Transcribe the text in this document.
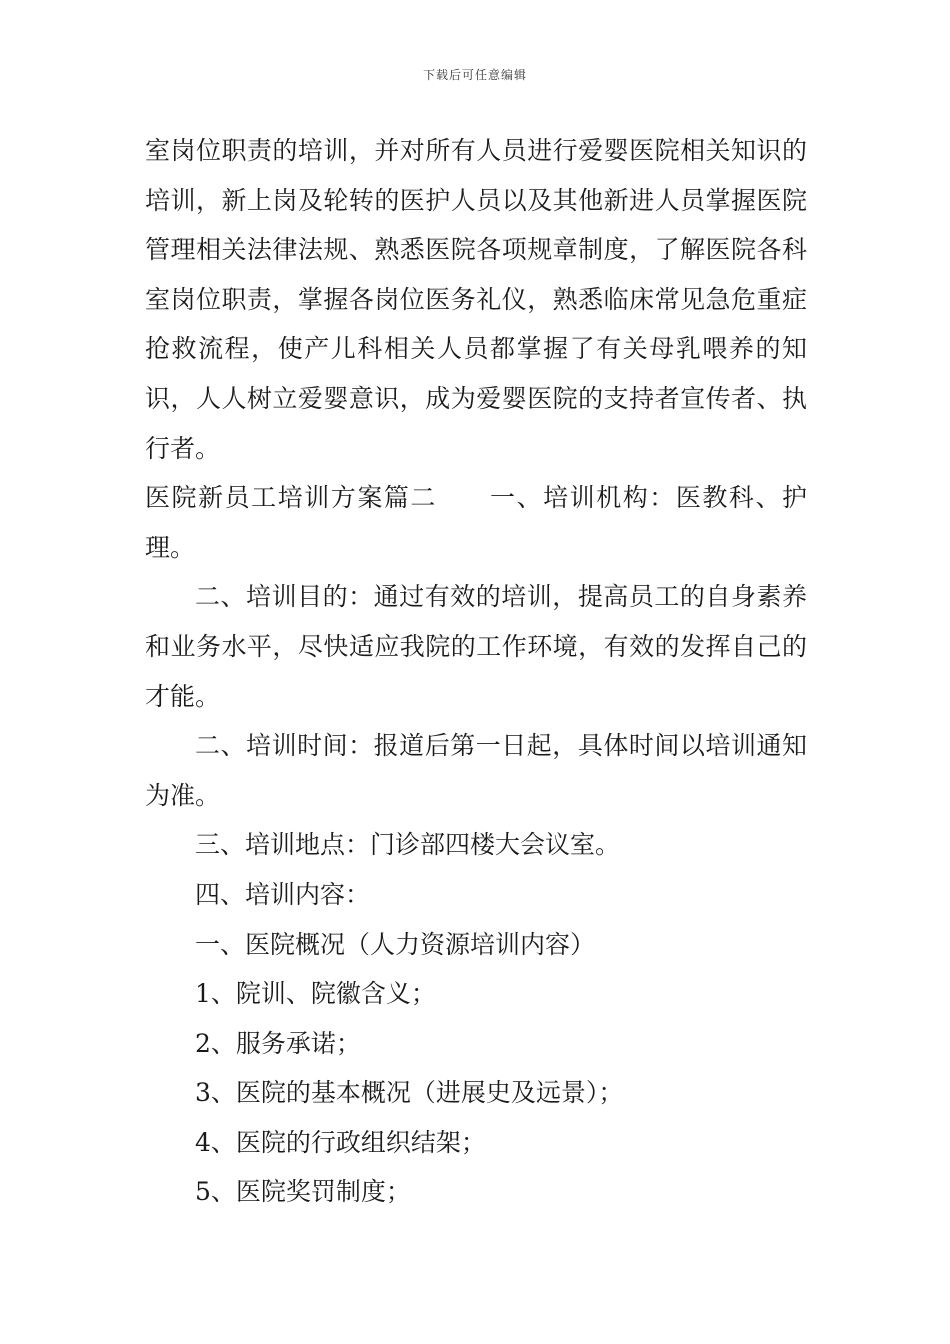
下载后可任意编辑

室岗位职责的培训，并对所有人员进行爱婴医院相关知识的培训，新上岗及轮转的医护人员以及其他新进人员掌握医院管理相关法律法规、熟悉医院各项规章制度，了解医院各科室岗位职责，掌握各岗位医务礼仪，熟悉临床常见急危重症抢救流程，使产儿科相关人员都掌握了有关母乳喂养的知识，人人树立爱婴意识，成为爱婴医院的支持者宣传者、执行者。

医院新员工培训方案篇二　　一、培训机构：医教科、护理。

二、培训目的：通过有效的培训，提高员工的自身素养和业务水平，尽快适应我院的工作环境，有效的发挥自己的才能。

二、培训时间：报道后第一日起，具体时间以培训通知为准。

三、培训地点：门诊部四楼大会议室。

四、培训内容：

一、医院概况（人力资源培训内容）

1、院训、院徽含义；

2、服务承诺；

3、医院的基本概况（进展史及远景）；

4、医院的行政组织结架；

5、医院奖罚制度；
